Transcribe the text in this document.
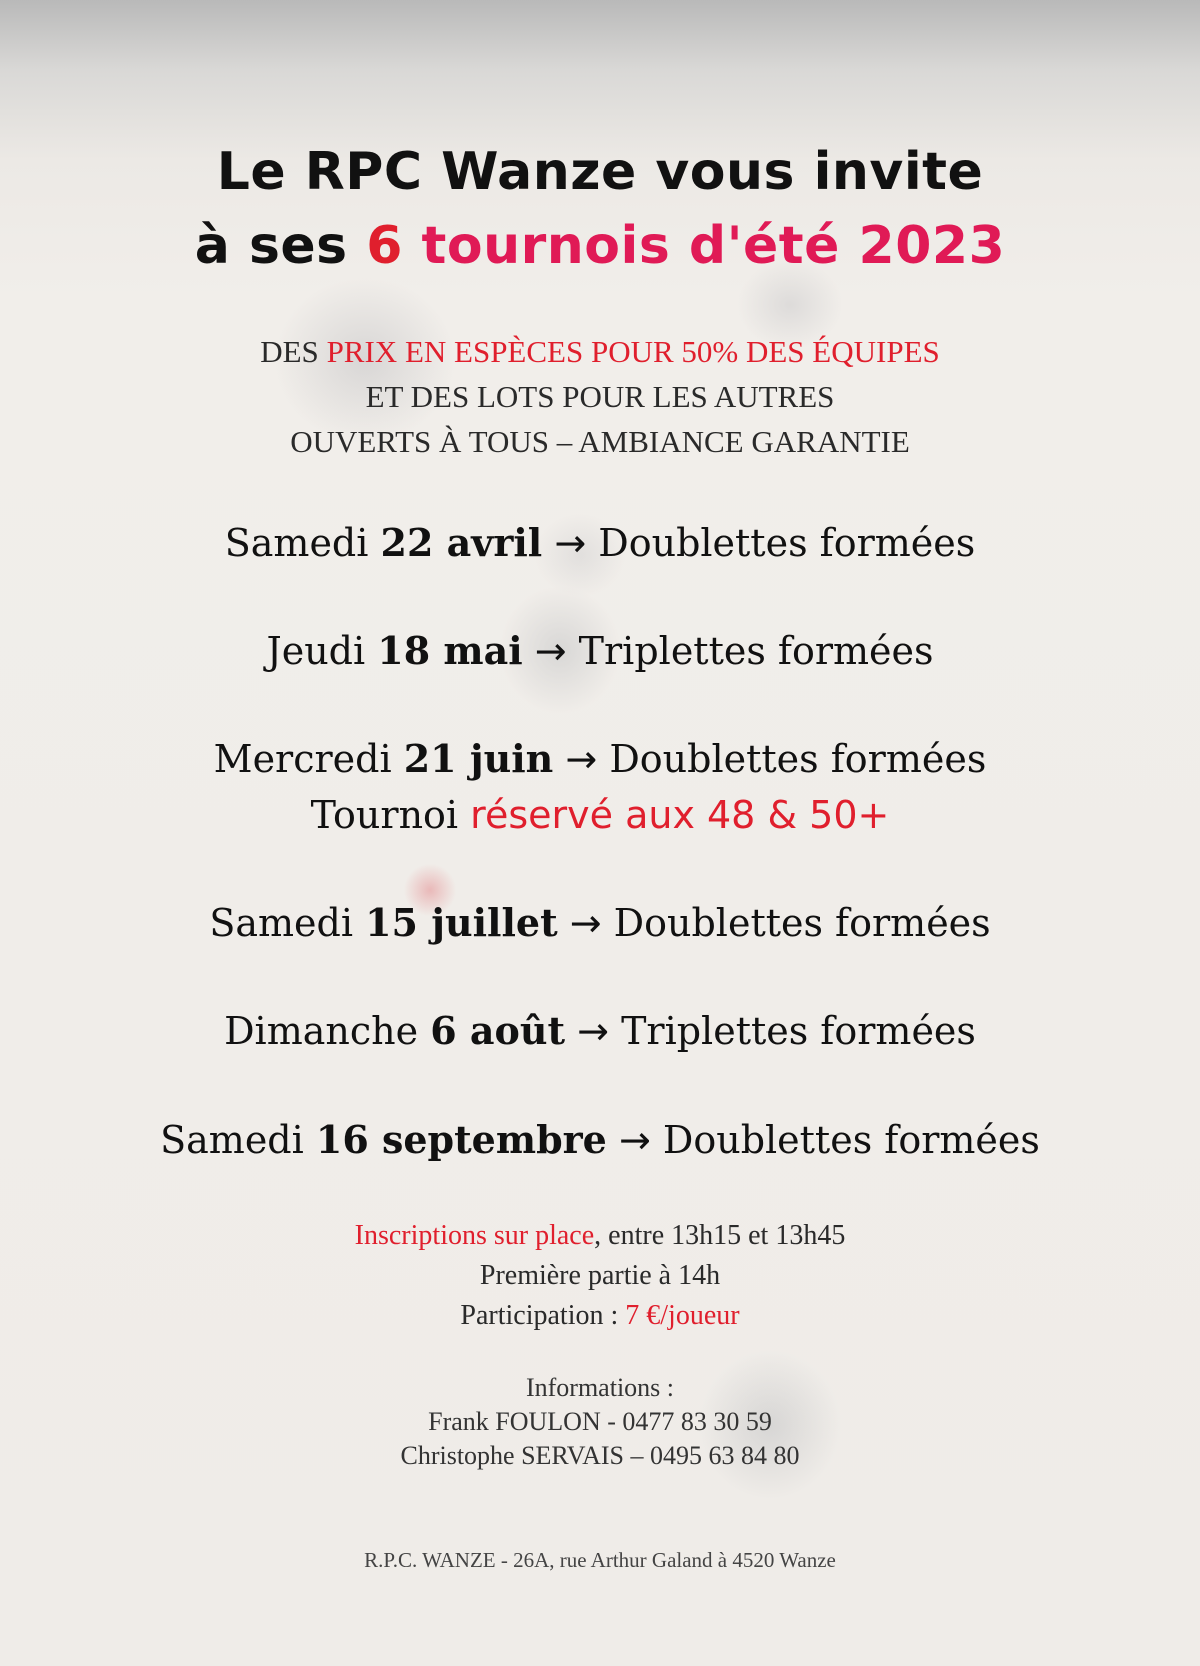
Le RPC Wanze vous invite
à ses 6 tournois d'été 2023
DES PRIX EN ESPÈCES POUR 50% DES ÉQUIPES
ET DES LOTS POUR LES AUTRES
OUVERTS À TOUS – AMBIANCE GARANTIE
Samedi 22 avril → Doublettes formées
Jeudi 18 mai → Triplettes formées
Mercredi 21 juin → Doublettes formées
Tournoi réservé aux 48 & 50+
Samedi 15 juillet → Doublettes formées
Dimanche 6 août → Triplettes formées
Samedi 16 septembre → Doublettes formées
Inscriptions sur place, entre 13h15 et 13h45
Première partie à 14h
Participation : 7 €/joueur
Informations :
Frank FOULON - 0477 83 30 59
Christophe SERVAIS – 0495 63 84 80
R.P.C. WANZE - 26A, rue Arthur Galand à 4520 Wanze
